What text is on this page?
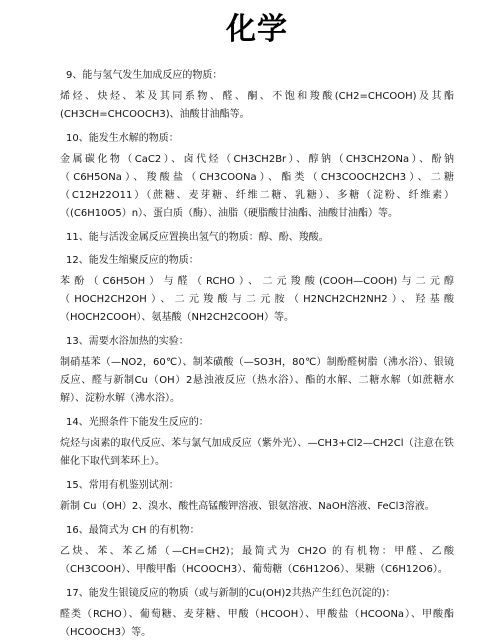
化学
9、能与氢气发生加成反应的物质：

烯烃、炔烃、苯及其同系物、醛、酮、不饱和羧酸(CH2=CHCOOH)及其酯(CH3CH=CHCOOCH3)、油酸甘油酯等。

10、能发生水解的物质：

金属碳化物（CaC2）、卤代烃（CH3CH2Br）、醇钠（CH3CH2ONa）、酚钠（C6H5ONa）、羧酸盐（CH3COONa）、酯类（CH3COOCH2CH3）、二糖（C12H22O11）（蔗糖、麦芽糖、纤维二糖、乳糖）、多糖（淀粉、纤维素）（(C6H10O5）n）、蛋白质（酶）、油脂（硬脂酸甘油酯、油酸甘油酯）等。

11、能与活泼金属反应置换出氢气的物质：醇、酚、羧酸。
12、能发生缩聚反应的物质：

苯酚（C6H5OH）与醛（RCHO）、二元羧酸(COOH—COOH)与二元醇（HOCH2CH2OH）、二元羧酸与二元胺（H2NCH2CH2NH2）、羟基酸（HOCH2COOH）、氨基酸（NH2CH2COOH）等。

13、需要水浴加热的实验：

制硝基苯（—NO2，60℃）、制苯磺酸（—SO3H，80℃）制酚醛树脂（沸水浴）、银镜反应、醛与新制Cu（OH）2悬浊液反应（热水浴）、酯的水解、二糖水解（如蔗糖水解）、淀粉水解（沸水浴）。

14、光照条件下能发生反应的：

烷烃与卤素的取代反应、苯与氯气加成反应（紫外光）、—CH3+Cl2—CH2Cl（注意在铁催化下取代到苯环上）。

15、常用有机鉴别试剂：

新制 Cu（OH）2、溴水、酸性高锰酸钾溶液、银氨溶液、NaOH溶液、FeCl3溶液。

16、最简式为 CH 的有机物：

乙炔、苯、苯乙烯（—CH=CH2)；最简式为 CH2O 的有机物：甲醛、乙酸（CH3COOH）、甲酸甲酯（HCOOCH3）、葡萄糖（C6H12O6）、果糖（C6H12O6）。

17、能发生银镜反应的物质（或与新制的Cu(OH)2共热产生红色沉淀的)：

醛类（RCHO）、葡萄糖、麦芽糖、甲酸（HCOOH）、甲酸盐（HCOONa）、甲酸酯（HCOOCH3）等。
